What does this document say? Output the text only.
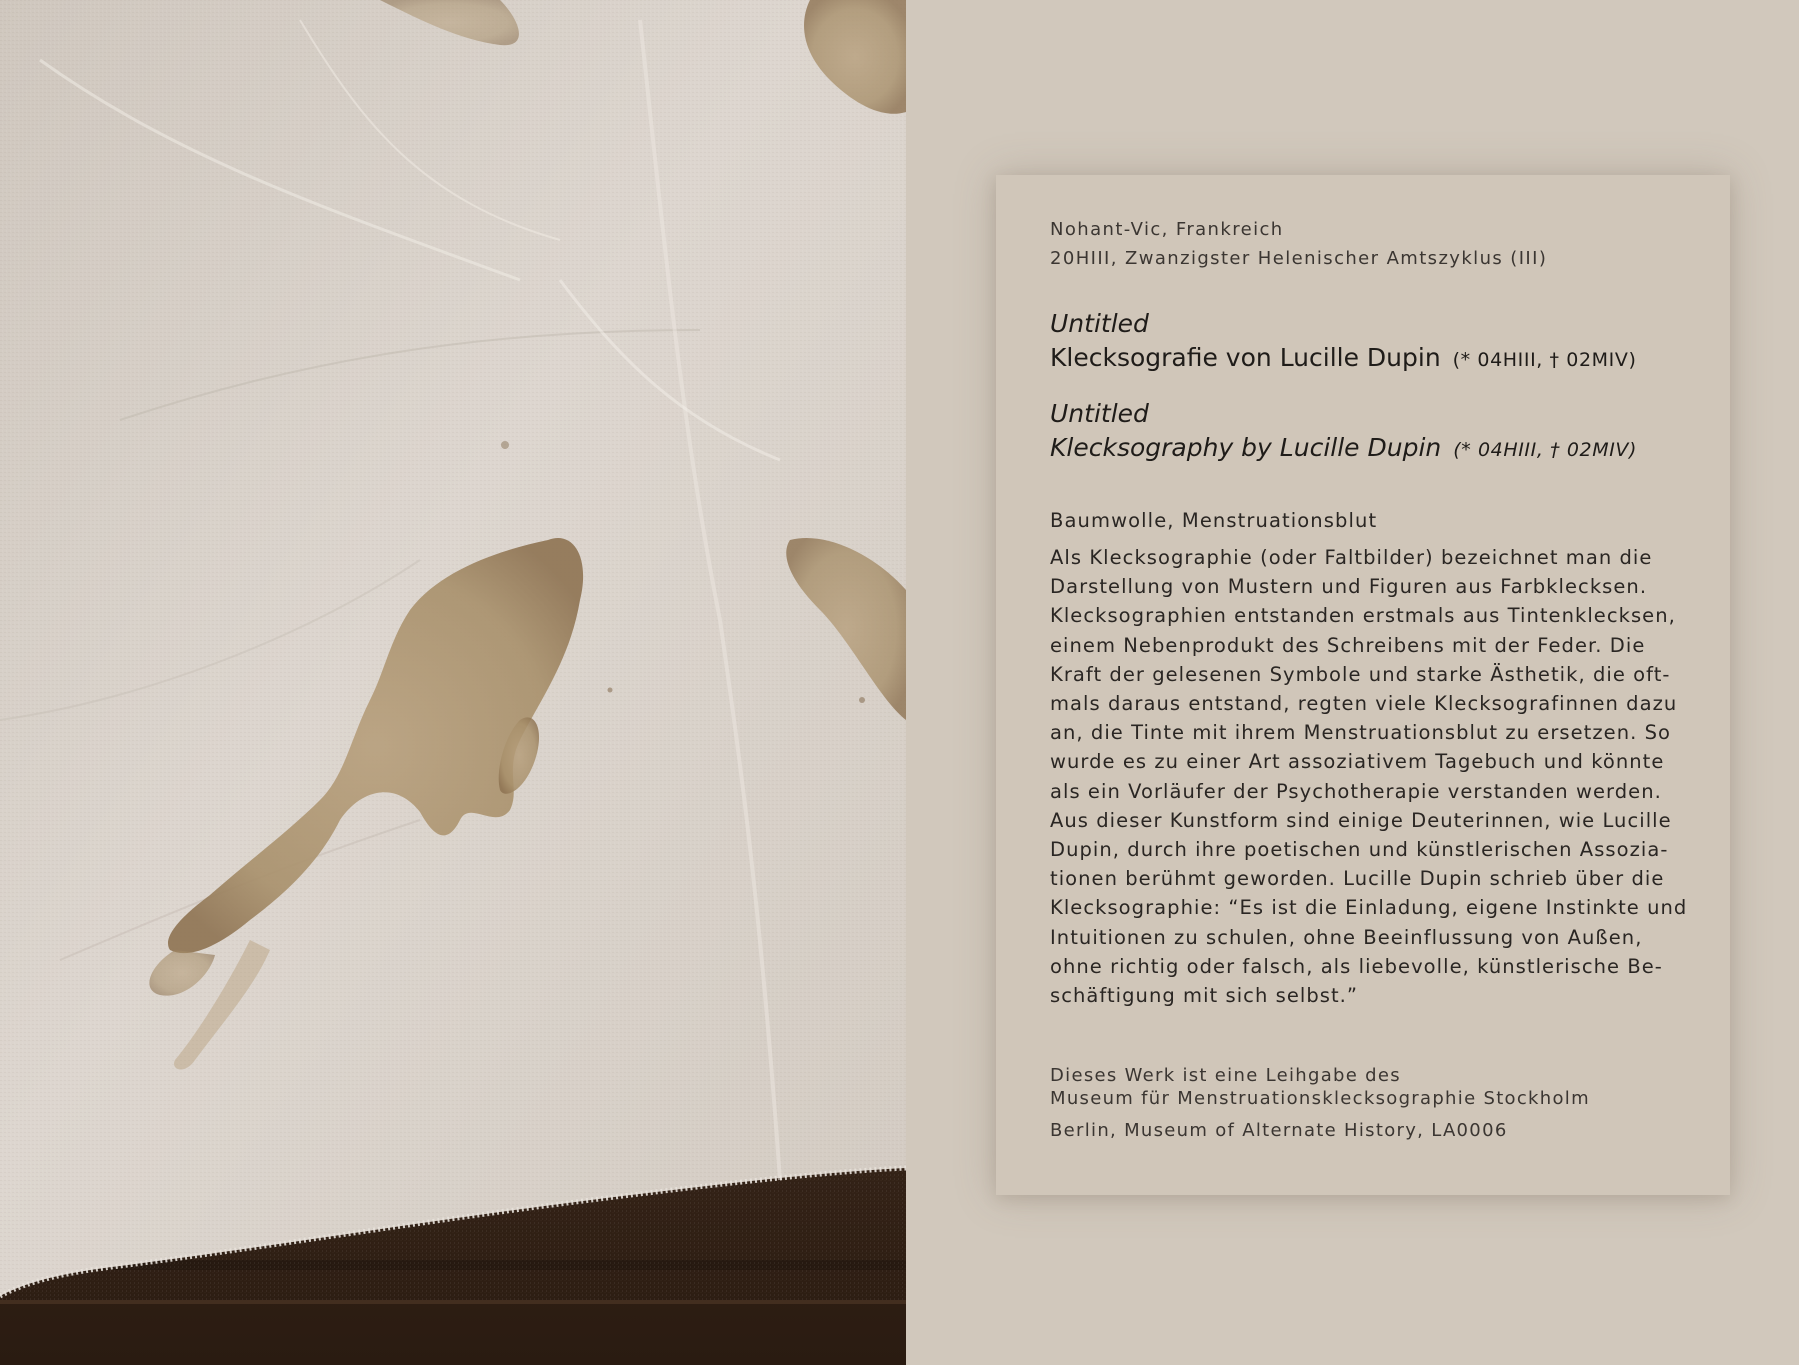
Nohant-Vic, Frankreich
20HIII, Zwanzigster Helenischer Amtszyklus (III)
Untitled
Klecksografie von Lucille Dupin (* 04HIII, † 02MIV)
Untitled
Klecksography by Lucille Dupin (* 04HIII, † 02MIV)
Baumwolle, Menstruationsblut
Als Klecksographie (oder Faltbilder) bezeichnet man die
Darstellung von Mustern und Figuren aus Farbklecksen.
Klecksographien entstanden erstmals aus Tintenklecksen,
einem Nebenprodukt des Schreibens mit der Feder. Die
Kraft der gelesenen Symbole und starke Ästhetik, die oft-
mals daraus entstand, regten viele Klecksografinnen dazu
an, die Tinte mit ihrem Menstruationsblut zu ersetzen. So
wurde es zu einer Art assoziativem Tagebuch und könnte
als ein Vorläufer der Psychotherapie verstanden werden.
Aus dieser Kunstform sind einige Deuterinnen, wie Lucille
Dupin, durch ihre poetischen und künstlerischen Assozia-
tionen berühmt geworden. Lucille Dupin schrieb über die
Klecksographie: “Es ist die Einladung, eigene Instinkte und
Intuitionen zu schulen, ohne Beeinflussung von Außen,
ohne richtig oder falsch, als liebevolle, künstlerische Be-
schäftigung mit sich selbst.”
Dieses Werk ist eine Leihgabe des
Museum für Menstruationsklecksographie Stockholm
Berlin, Museum of Alternate History, LA0006
